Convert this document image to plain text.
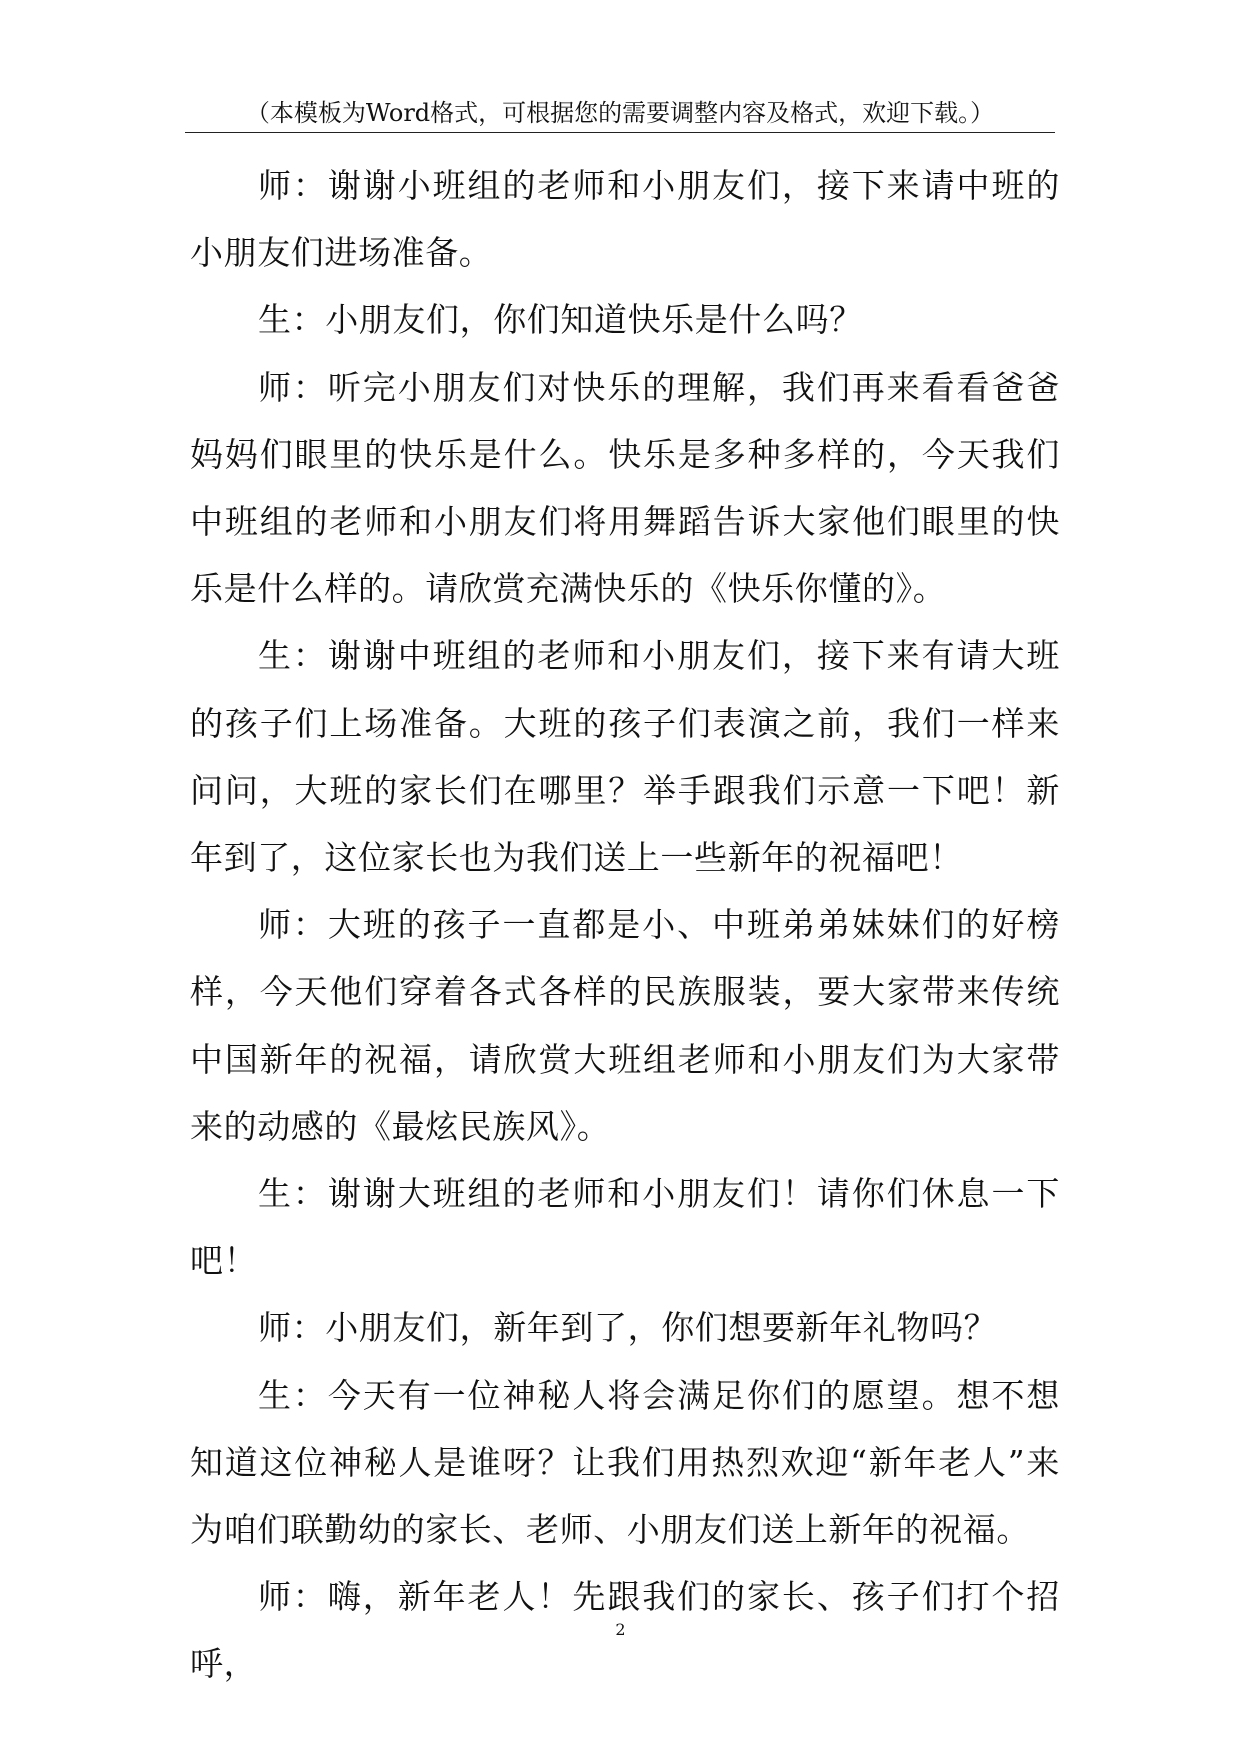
（本模板为Word格式，可根据您的需要调整内容及格式，欢迎下载。）

师：谢谢小班组的老师和小朋友们，接下来请中班的小朋友们进场准备。

生：小朋友们，你们知道快乐是什么吗？

师：听完小朋友们对快乐的理解，我们再来看看爸爸妈妈们眼里的快乐是什么。快乐是多种多样的，今天我们中班组的老师和小朋友们将用舞蹈告诉大家他们眼里的快乐是什么样的。请欣赏充满快乐的《快乐你懂的》。

生：谢谢中班组的老师和小朋友们，接下来有请大班的孩子们上场准备。大班的孩子们表演之前，我们一样来问问，大班的家长们在哪里？举手跟我们示意一下吧！新年到了，这位家长也为我们送上一些新年的祝福吧！

师：大班的孩子一直都是小、中班弟弟妹妹们的好榜样，今天他们穿着各式各样的民族服装，要大家带来传统中国新年的祝福，请欣赏大班组老师和小朋友们为大家带来的动感的《最炫民族风》。

生：谢谢大班组的老师和小朋友们！请你们休息一下吧！

师：小朋友们，新年到了，你们想要新年礼物吗？

生：今天有一位神秘人将会满足你们的愿望。想不想知道这位神秘人是谁呀？让我们用热烈欢迎“新年老人”来为咱们联勤幼的家长、老师、小朋友们送上新年的祝福。

师：嗨，新年老人！先跟我们的家长、孩子们打个招呼，

2
